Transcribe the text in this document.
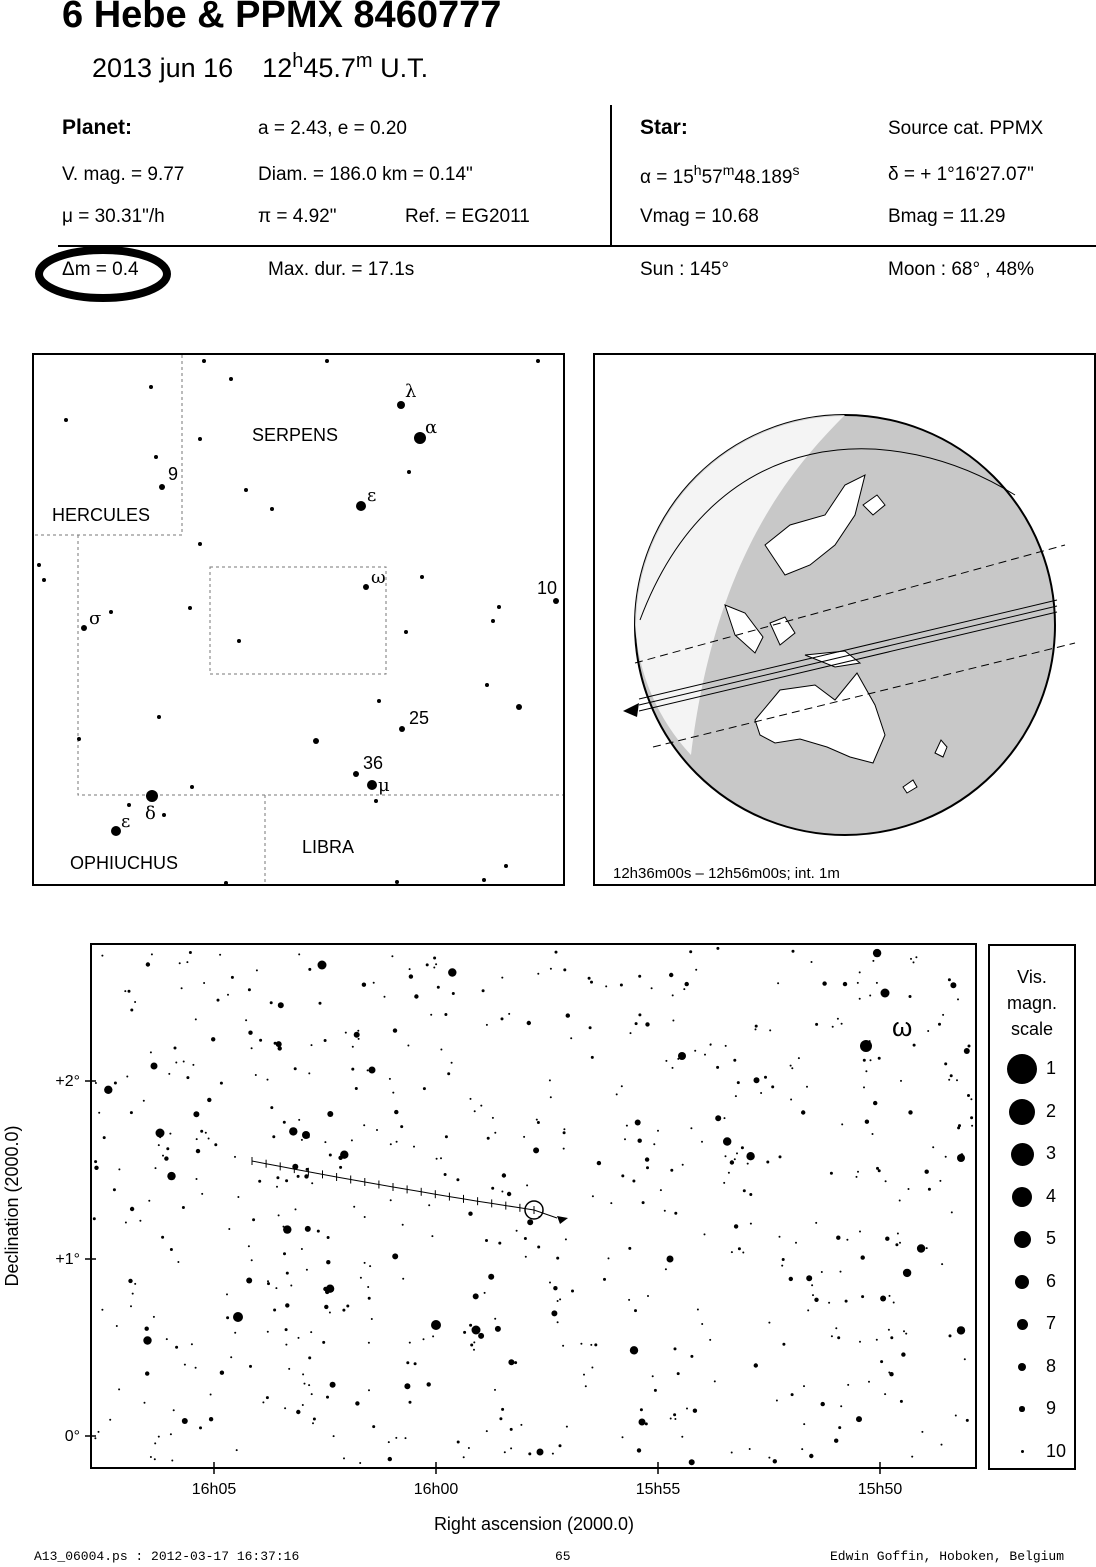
6 Hebe & PPMX 8460777
2013 jun 16 12$^h$45.7$^m$ U.T.
Planet:	a = 2.43, e = 0.20
V. mag. = 9.77	Diam. = 186.0 km = 0.14"
μ = 30.31"/h	π = 4.92"	Ref. = EG2011
Star:	Source cat. PPMX
$\alpha = 15^h57^m48.189^s$	δ = + 1°16'27.07"
Vmag = 10.68	Bmag = 11.29
Δm = 0.4	Max. dur. = 17.1s	Sun : 145°	Moon : 68° , 48%
SERPENS
HERCULES
OPHIUCHUS
LIBRA
λ
α
ε
ω
σ
δ
ε
μ
9
10
25
36
12h36m00s – 12h56m00s; int. 1m
ω
+2°
+1°
0°
16h05	16h00	15h55	15h50
Right ascension (2000.0)
Declination (2000.0)
Vis.
magn.
scale
1
2
3
4
5
6
7
8
9
10
A13_06004.ps : 2012-03-17 16:37:16	65	Edwin Goffin, Hoboken, Belgium
